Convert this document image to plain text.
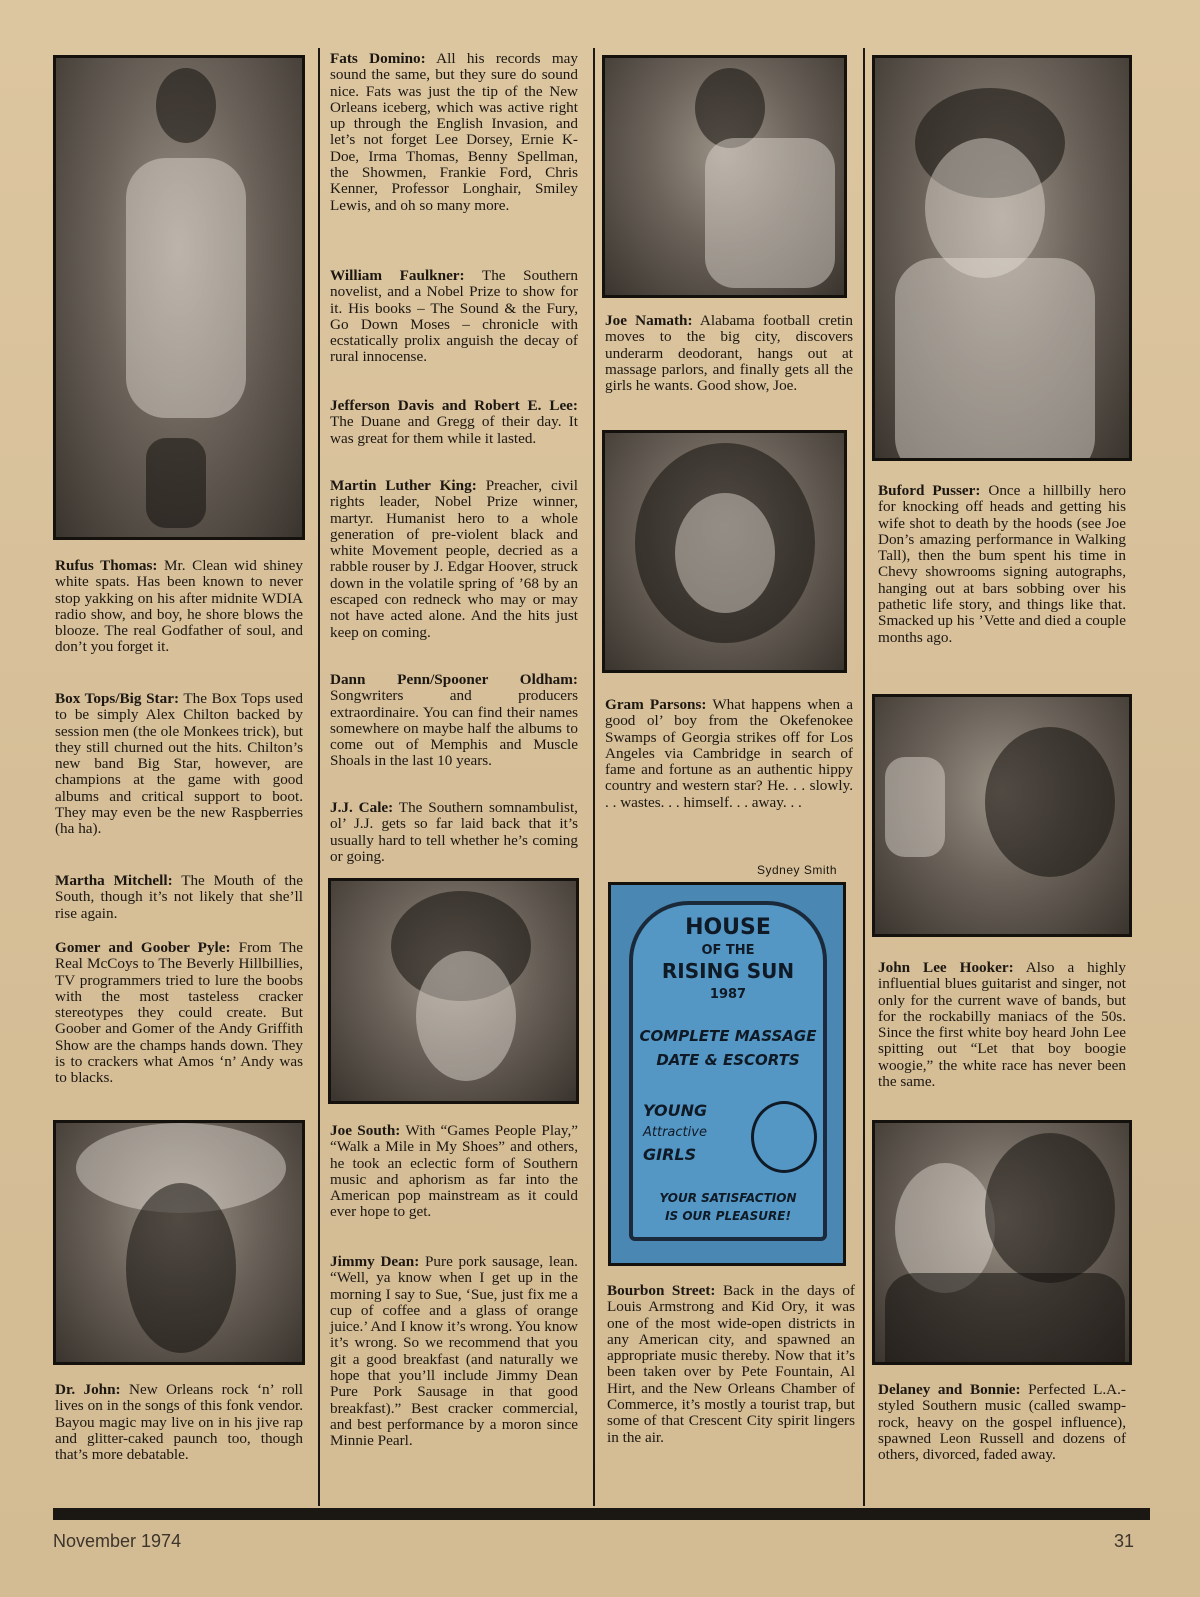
Rufus Thomas: Mr. Clean wid shiney white spats. Has been known to never stop yakking on his after midnite WDIA radio show, and boy, he shore blows the blooze. The real Godfather of soul, and don’t you forget it.
Box Tops/Big Star: The Box Tops used to be simply Alex Chilton backed by session men (the ole Monkees trick), but they still churned out the hits. Chilton’s new band Big Star, however, are champions at the game with good albums and critical support to boot. They may even be the new Raspberries (ha ha).
Martha Mitchell: The Mouth of the South, though it’s not likely that she’ll rise again.
Gomer and Goober Pyle: From The Real McCoys to The Beverly Hillbillies, TV programmers tried to lure the boobs with the most tasteless cracker stereotypes they could create. But Goober and Gomer of the Andy Griffith Show are the champs hands down. They is to crackers what Amos ‘n’ Andy was to blacks.
Dr. John: New Orleans rock ‘n’ roll lives on in the songs of this fonk vendor. Bayou magic may live on in his jive rap and glitter-caked paunch too, though that’s more debatable.
Fats Domino: All his records may sound the same, but they sure do sound nice. Fats was just the tip of the New Orleans iceberg, which was active right up through the English Invasion, and let’s not forget Lee Dorsey, Ernie K-Doe, Irma Thomas, Benny Spellman, the Showmen, Frankie Ford, Chris Kenner, Professor Longhair, Smiley Lewis, and oh so many more.
William Faulkner: The Southern novelist, and a Nobel Prize to show for it. His books – The Sound & the Fury, Go Down Moses – chronicle with ecstatically prolix anguish the decay of rural innocense.
Jefferson Davis and Robert E. Lee: The Duane and Gregg of their day. It was great for them while it lasted.
Martin Luther King: Preacher, civil rights leader, Nobel Prize winner, martyr. Humanist hero to a whole generation of pre-violent black and white Movement people, decried as a rabble rouser by J. Edgar Hoover, struck down in the volatile spring of ’68 by an escaped con redneck who may or may not have acted alone. And the hits just keep on coming.
Dann Penn/Spooner Oldham: Songwriters and producers extraordinaire. You can find their names somewhere on maybe half the albums to come out of Memphis and Muscle Shoals in the last 10 years.
J.J. Cale: The Southern somnambulist, ol’ J.J. gets so far laid back that it’s usually hard to tell whether he’s coming or going.
Joe South: With “Games People Play,” “Walk a Mile in My Shoes” and others, he took an eclectic form of Southern music and aphorism as far into the American pop mainstream as it could ever hope to get.
Jimmy Dean: Pure pork sausage, lean. “Well, ya know when I get up in the morning I say to Sue, ‘Sue, just fix me a cup of coffee and a glass of orange juice.’ And I know it’s wrong. You know it’s wrong. So we recommend that you git a good breakfast (and naturally we hope that you’ll include Jimmy Dean Pure Pork Sausage in that good breakfast).” Best cracker commercial, and best performance by a moron since Minnie Pearl.
Joe Namath: Alabama football cretin moves to the big city, discovers underarm deodorant, hangs out at massage parlors, and finally gets all the girls he wants. Good show, Joe.
Gram Parsons: What happens when a good ol’ boy from the Okefenokee Swamps of Georgia strikes off for Los Angeles via Cambridge in search of fame and fortune as an authentic hippy country and western star? He. . . slowly. . . wastes. . . himself. . . away. . .
Sydney Smith
HOUSE
OF THE
RISING SUN
1987
COMPLETE MASSAGE
DATE & ESCORTS
YOUNG
Attractive
GIRLS
YOUR SATISFACTION
IS OUR PLEASURE!
Bourbon Street: Back in the days of Louis Armstrong and Kid Ory, it was one of the most wide-open districts in any American city, and spawned an appropriate music thereby. Now that it’s been taken over by Pete Fountain, Al Hirt, and the New Orleans Chamber of Commerce, it’s mostly a tourist trap, but some of that Crescent City spirit lingers in the air.
Buford Pusser: Once a hillbilly hero for knocking off heads and getting his wife shot to death by the hoods (see Joe Don’s amazing performance in Walking Tall), then the bum spent his time in Chevy showrooms signing autographs, hanging out at bars sobbing over his pathetic life story, and things like that. Smacked up his ’Vette and died a couple months ago.
John Lee Hooker: Also a highly influential blues guitarist and singer, not only for the current wave of bands, but for the rockabilly maniacs of the 50s. Since the first white boy heard John Lee spitting out “Let that boy boogie woogie,” the white race has never been the same.
Delaney and Bonnie: Perfected L.A.-styled Southern music (called swamp-rock, heavy on the gospel influence), spawned Leon Russell and dozens of others, divorced, faded away.
November 1974	31
